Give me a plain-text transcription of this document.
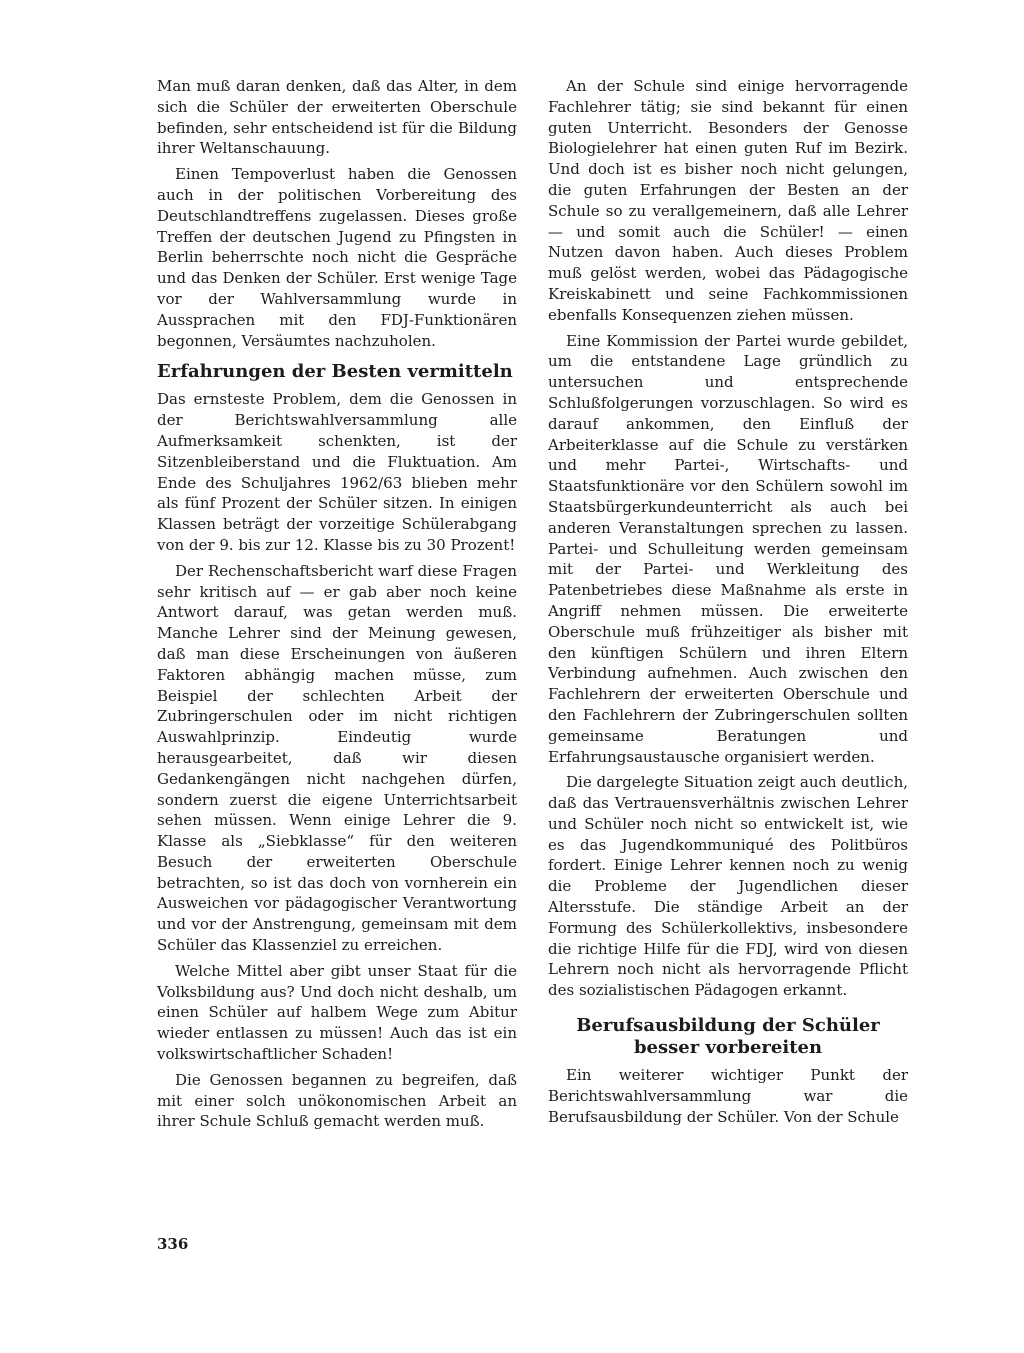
Man muß daran denken, daß das Alter, in dem sich die Schüler der erweiterten Oberschule befinden, sehr entscheidend ist für die Bildung ihrer Weltanschauung.

Einen Tempoverlust haben die Genossen auch in der politischen Vorbereitung des Deutschlandtreffens zugelassen. Dieses große Treffen der deutschen Jugend zu Pfingsten in Berlin beherrschte noch nicht die Gespräche und das Denken der Schüler. Erst wenige Tage vor der Wahlversammlung wurde in Aussprachen mit den FDJ-Funktionären begonnen, Versäumtes nachzuholen.

Erfahrungen der Besten vermitteln

Das ernsteste Problem, dem die Genossen in der Berichtswahlversammlung alle Aufmerksamkeit schenkten, ist der Sitzenbleiberstand und die Fluktuation. Am Ende des Schuljahres 1962/63 blieben mehr als fünf Prozent der Schüler sitzen. In einigen Klassen beträgt der vorzeitige Schülerabgang von der 9. bis zur 12. Klasse bis zu 30 Prozent!

Der Rechenschaftsbericht warf diese Fragen sehr kritisch auf — er gab aber noch keine Antwort darauf, was getan werden muß. Manche Lehrer sind der Meinung gewesen, daß man diese Erscheinungen von äußeren Faktoren abhängig machen müsse, zum Beispiel der schlechten Arbeit der Zubringerschulen oder im nicht richtigen Auswahlprinzip. Eindeutig wurde herausgearbeitet, daß wir diesen Gedankengängen nicht nachgehen dürfen, sondern zuerst die eigene Unterrichtsarbeit sehen müssen. Wenn einige Lehrer die 9. Klasse als „Siebklasse“ für den weiteren Besuch der erweiterten Oberschule betrachten, so ist das doch von vornherein ein Ausweichen vor pädagogischer Verantwortung und vor der Anstrengung, gemeinsam mit dem Schüler das Klassenziel zu erreichen.

Welche Mittel aber gibt unser Staat für die Volksbildung aus? Und doch nicht deshalb, um einen Schüler auf halbem Wege zum Abitur wieder entlassen zu müssen! Auch das ist ein volkswirtschaftlicher Schaden!

Die Genossen begannen zu begreifen, daß mit einer solch unökonomischen Arbeit an ihrer Schule Schluß gemacht werden muß.

An der Schule sind einige hervorragende Fachlehrer tätig; sie sind bekannt für einen guten Unterricht. Besonders der Genosse Biologielehrer hat einen guten Ruf im Bezirk. Und doch ist es bisher noch nicht gelungen, die guten Erfahrungen der Besten an der Schule so zu verallgemeinern, daß alle Lehrer — und somit auch die Schüler! — einen Nutzen davon haben. Auch dieses Problem muß gelöst werden, wobei das Pädagogische Kreiskabinett und seine Fachkommissionen ebenfalls Konsequenzen ziehen müssen.

Eine Kommission der Partei wurde gebildet, um die entstandene Lage gründlich zu untersuchen und entsprechende Schlußfolgerungen vorzuschlagen. So wird es darauf ankommen, den Einfluß der Arbeiterklasse auf die Schule zu verstärken und mehr Partei-, Wirtschafts- und Staatsfunktionäre vor den Schülern sowohl im Staatsbürgerkundeunterricht als auch bei anderen Veranstaltungen sprechen zu lassen. Partei- und Schulleitung werden gemeinsam mit der Partei- und Werkleitung des Patenbetriebes diese Maßnahme als erste in Angriff nehmen müssen. Die erweiterte Oberschule muß frühzeitiger als bisher mit den künftigen Schülern und ihren Eltern Verbindung aufnehmen. Auch zwischen den Fachlehrern der erweiterten Oberschule und den Fachlehrern der Zubringerschulen sollten gemeinsame Beratungen und Erfahrungsaustausche organisiert werden.

Die dargelegte Situation zeigt auch deutlich, daß das Vertrauensverhältnis zwischen Lehrer und Schüler noch nicht so entwickelt ist, wie es das Jugendkommuniqué des Politbüros fordert. Einige Lehrer kennen noch zu wenig die Probleme der Jugendlichen dieser Altersstufe. Die ständige Arbeit an der Formung des Schülerkollektivs, insbesondere die richtige Hilfe für die FDJ, wird von diesen Lehrern noch nicht als hervorragende Pflicht des sozialistischen Pädagogen erkannt.

Berufsausbildung der Schüler besser vorbereiten

Ein weiterer wichtiger Punkt der Berichtswahlversammlung war die Berufsausbildung der Schüler. Von der Schule

336
